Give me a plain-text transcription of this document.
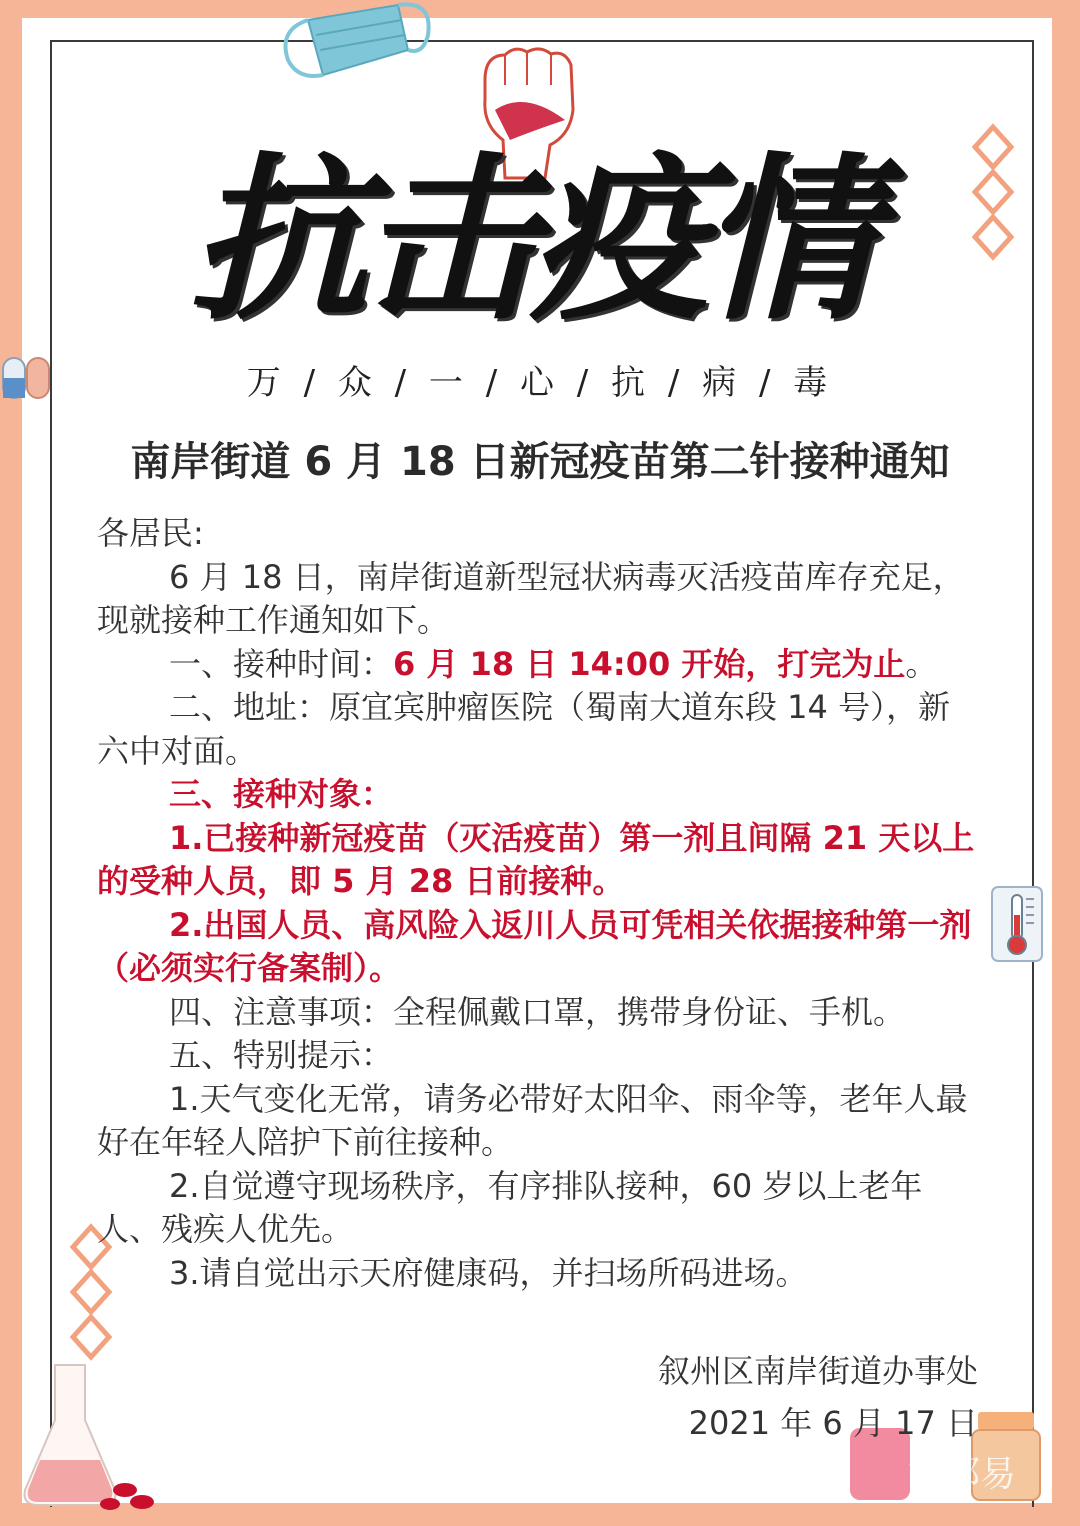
酒都易
抗击疫情
万 / 众 / 一 / 心 / 抗 / 病 / 毒
南岸街道 6 月 18 日新冠疫苗第二针接种通知

各居民:

6 月 18 日，南岸街道新型冠状病毒灭活疫苗库存充足，现就接种工作通知如下。

一、接种时间：6 月 18 日 14:00 开始，打完为止。

二、地址：原宜宾肿瘤医院（蜀南大道东段 14 号），新六中对面。

三、接种对象：

1.已接种新冠疫苗（灭活疫苗）第一剂且间隔 21 天以上的受种人员，即 5 月 28 日前接种。

2.出国人员、高风险入返川人员可凭相关依据接种第一剂（必须实行备案制）。

四、注意事项：全程佩戴口罩，携带身份证、手机。

五、特别提示：

1.天气变化无常，请务必带好太阳伞、雨伞等，老年人最好在年轻人陪护下前往接种。

2.自觉遵守现场秩序，有序排队接种，60 岁以上老年人、残疾人优先。

3.请自觉出示天府健康码，并扫场所码进场。

叙州区南岸街道办事处
2021 年 6 月 17 日
